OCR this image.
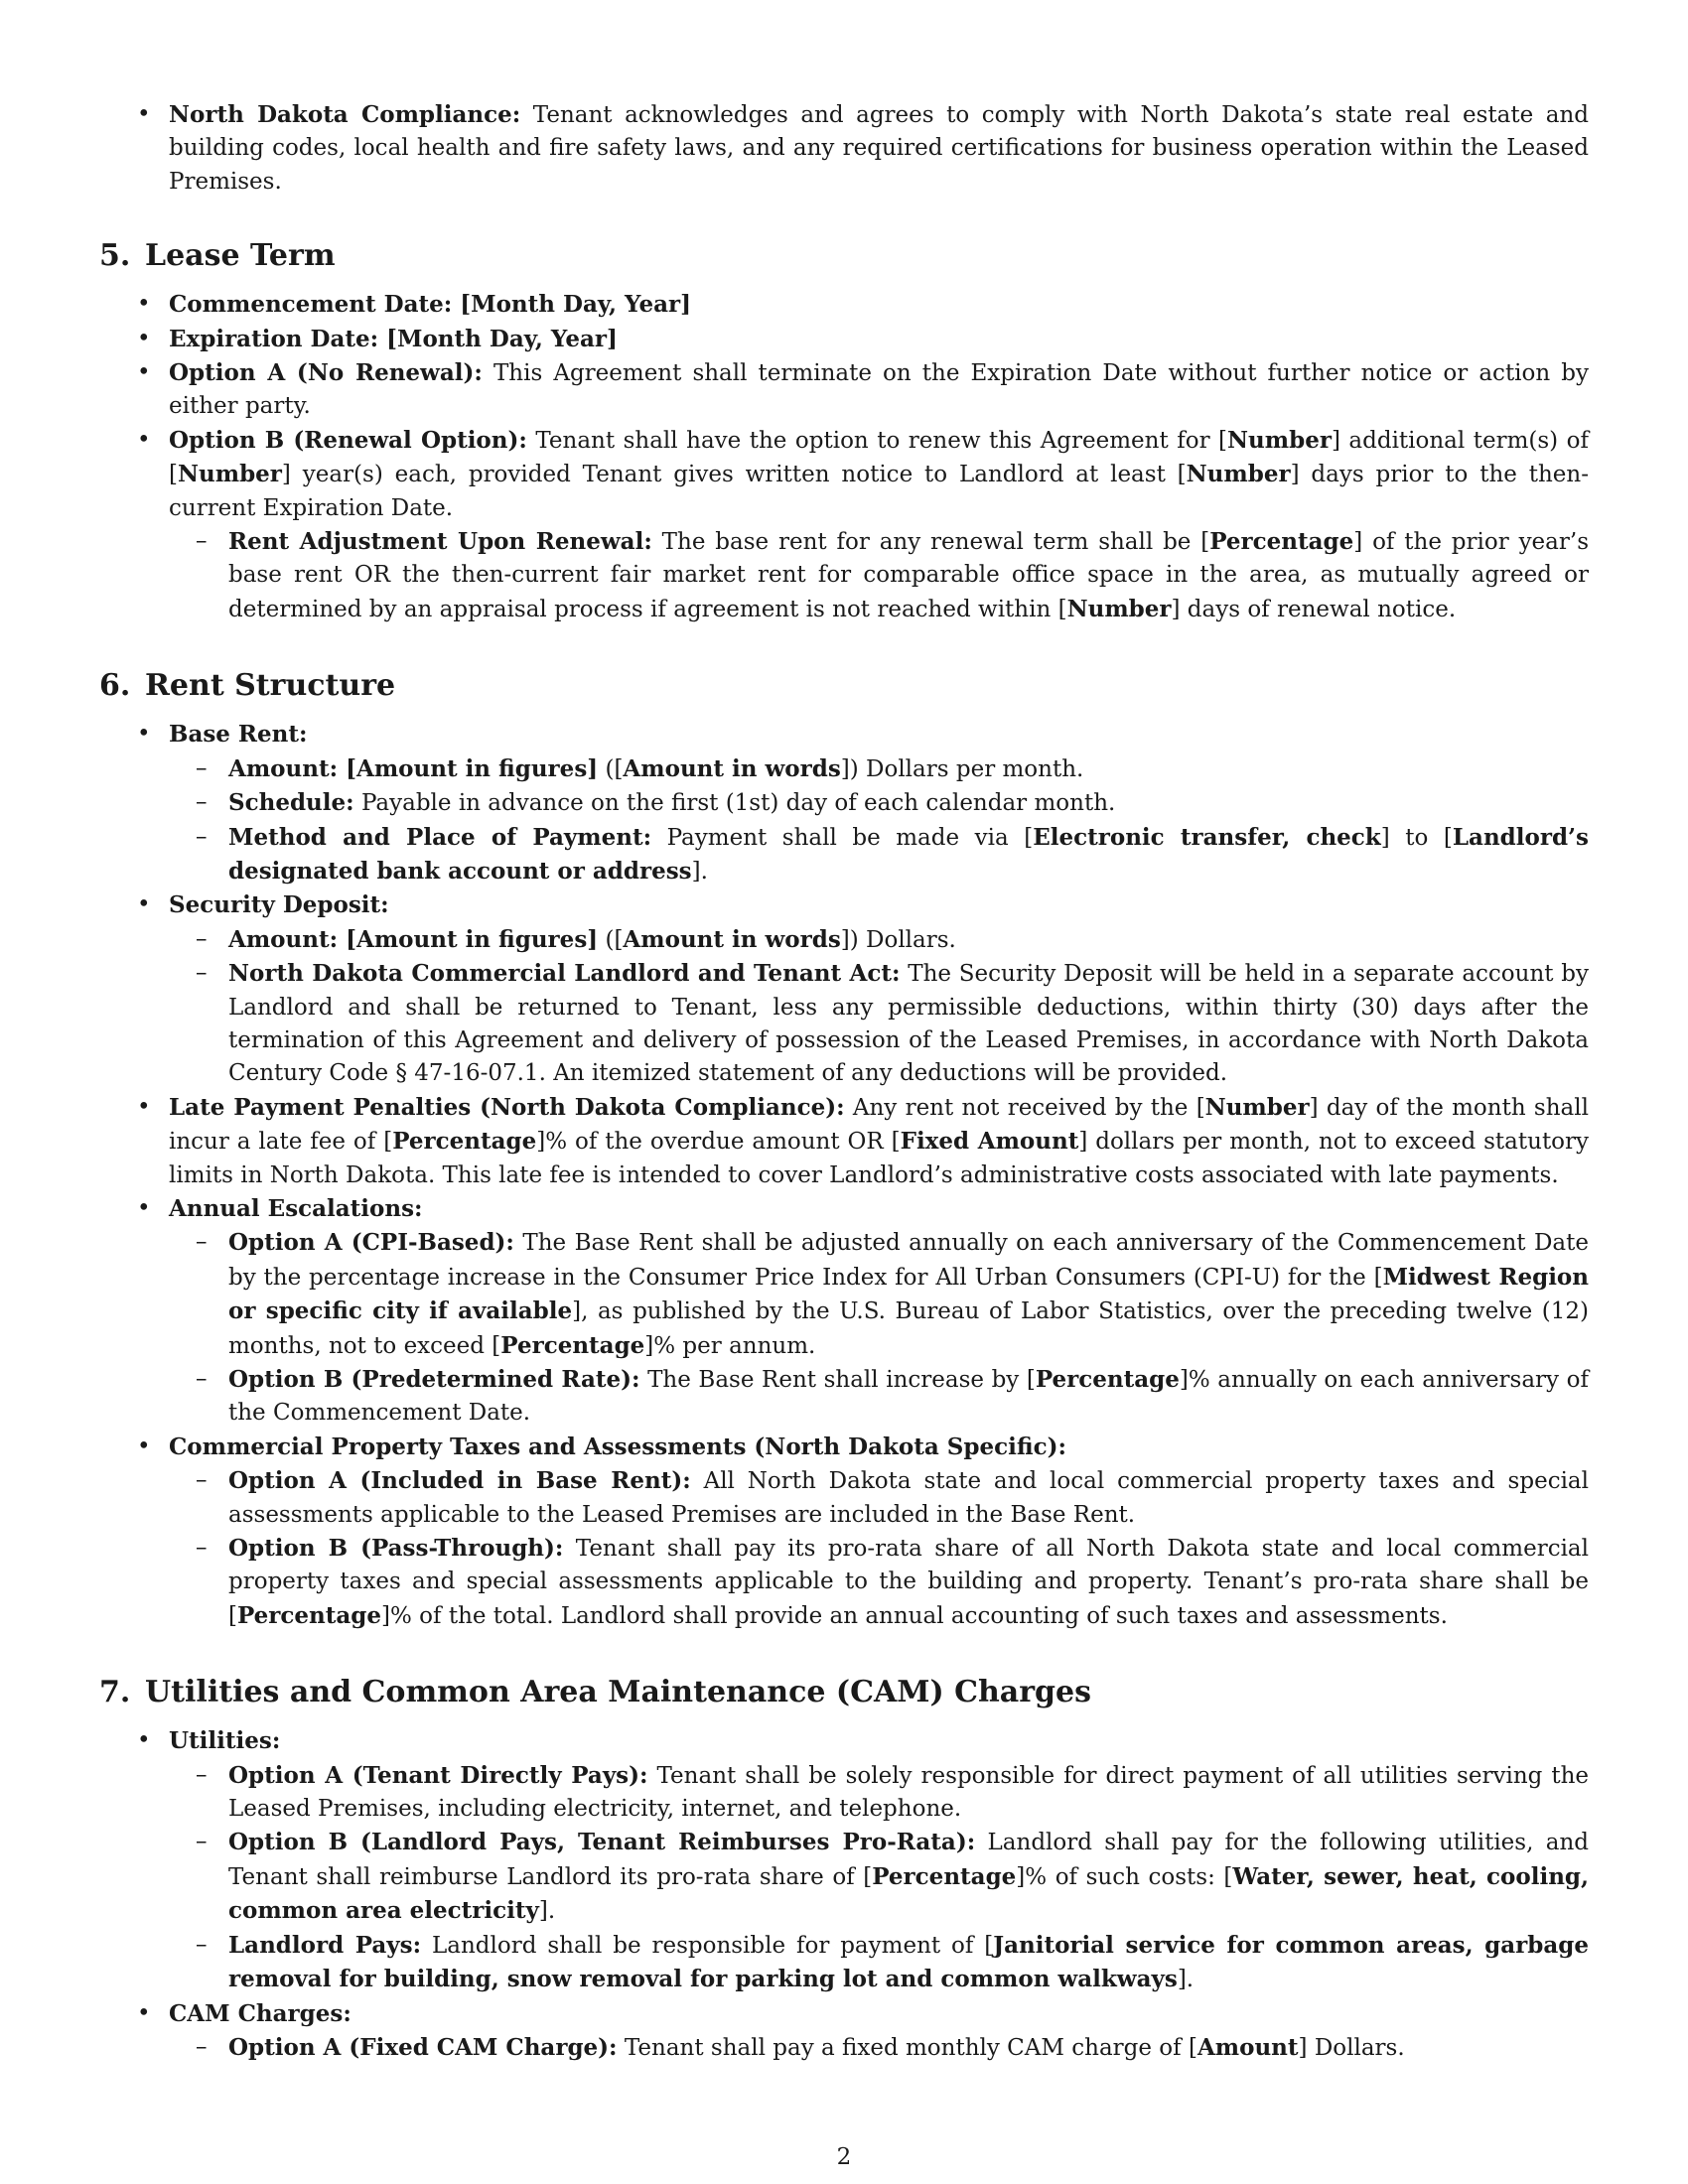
• North Dakota Compliance: Tenant acknowledges and agrees to comply with North Dakota’s state real estate and building codes, local health and fire safety laws, and any required certifications for business operation within the Leased Premises.
5. Lease Term
• Commencement Date: [Month Day, Year]
• Expiration Date: [Month Day, Year]
• Option A (No Renewal): This Agreement shall terminate on the Expiration Date without further notice or action by either party.
• Option B (Renewal Option): Tenant shall have the option to renew this Agreement for [Number] additional term(s) of [Number] year(s) each, provided Tenant gives written notice to Landlord at least [Number] days prior to the then-current Expiration Date.
– Rent Adjustment Upon Renewal: The base rent for any renewal term shall be [Percentage] of the prior year’s base rent OR the then-current fair market rent for comparable office space in the area, as mutually agreed or determined by an appraisal process if agreement is not reached within [Number] days of renewal notice.
6. Rent Structure
• Base Rent:
– Amount: [Amount in figures] ([Amount in words]) Dollars per month.
– Schedule: Payable in advance on the first (1st) day of each calendar month.
– Method and Place of Payment: Payment shall be made via [Electronic transfer, check] to [Landlord’s designated bank account or address].
• Security Deposit:
– Amount: [Amount in figures] ([Amount in words]) Dollars.
– North Dakota Commercial Landlord and Tenant Act: The Security Deposit will be held in a separate account by Landlord and shall be returned to Tenant, less any permissible deductions, within thirty (30) days after the termination of this Agreement and delivery of possession of the Leased Premises, in accordance with North Dakota Century Code § 47-16-07.1. An itemized statement of any deductions will be provided.
• Late Payment Penalties (North Dakota Compliance): Any rent not received by the [Number] day of the month shall incur a late fee of [Percentage]% of the overdue amount OR [Fixed Amount] dollars per month, not to exceed statutory limits in North Dakota. This late fee is intended to cover Landlord’s administrative costs associated with late payments.
• Annual Escalations:
– Option A (CPI-Based): The Base Rent shall be adjusted annually on each anniversary of the Commencement Date by the percentage increase in the Consumer Price Index for All Urban Consumers (CPI-U) for the [Midwest Region or specific city if available], as published by the U.S. Bureau of Labor Statistics, over the preceding twelve (12) months, not to exceed [Percentage]% per annum.
– Option B (Predetermined Rate): The Base Rent shall increase by [Percentage]% annually on each anniversary of the Commencement Date.
• Commercial Property Taxes and Assessments (North Dakota Specific):
– Option A (Included in Base Rent): All North Dakota state and local commercial property taxes and special assessments applicable to the Leased Premises are included in the Base Rent.
– Option B (Pass-Through): Tenant shall pay its pro-rata share of all North Dakota state and local commercial property taxes and special assessments applicable to the building and property. Tenant’s pro-rata share shall be [Percentage]% of the total. Landlord shall provide an annual accounting of such taxes and assessments.
7. Utilities and Common Area Maintenance (CAM) Charges
• Utilities:
– Option A (Tenant Directly Pays): Tenant shall be solely responsible for direct payment of all utilities serving the Leased Premises, including electricity, internet, and telephone.
– Option B (Landlord Pays, Tenant Reimburses Pro-Rata): Landlord shall pay for the following utilities, and Tenant shall reimburse Landlord its pro-rata share of [Percentage]% of such costs: [Water, sewer, heat, cooling, common area electricity].
– Landlord Pays: Landlord shall be responsible for payment of [Janitorial service for common areas, garbage removal for building, snow removal for parking lot and common walkways].
• CAM Charges:
– Option A (Fixed CAM Charge): Tenant shall pay a fixed monthly CAM charge of [Amount] Dollars.
2
